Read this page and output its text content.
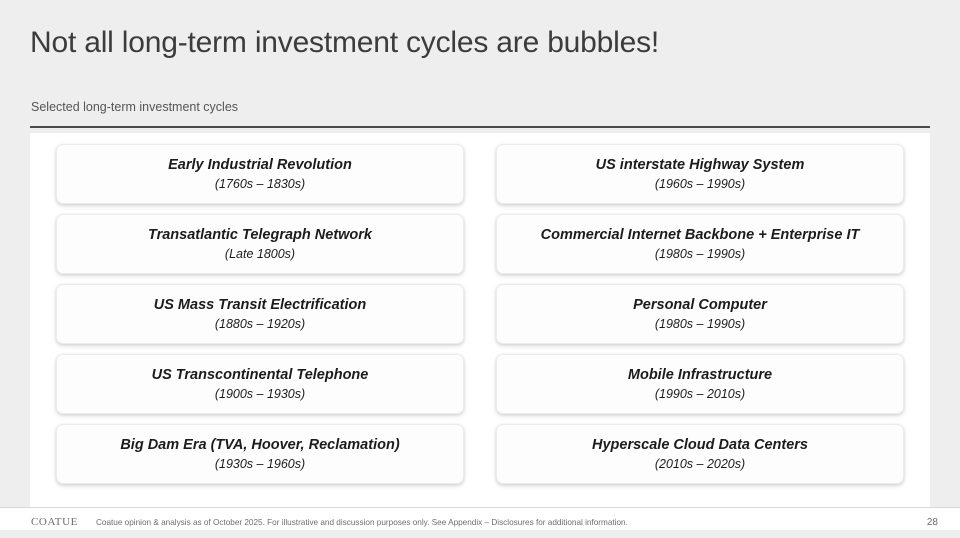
Not all long-term investment cycles are bubbles!
Selected long-term investment cycles
Early Industrial Revolution
(1760s – 1830s)
Transatlantic Telegraph Network
(Late 1800s)
US Mass Transit Electrification
(1880s – 1920s)
US Transcontinental Telephone
(1900s – 1930s)
Big Dam Era (TVA, Hoover, Reclamation)
(1930s – 1960s)
US interstate Highway System
(1960s – 1990s)
Commercial Internet Backbone + Enterprise IT
(1980s – 1990s)
Personal Computer
(1980s – 1990s)
Mobile Infrastructure
(1990s – 2010s)
Hyperscale Cloud Data Centers
(2010s – 2020s)
COATUE Coatue opinion & analysis as of October 2025. For illustrative and discussion purposes only. See Appendix – Disclosures for additional information.	28
